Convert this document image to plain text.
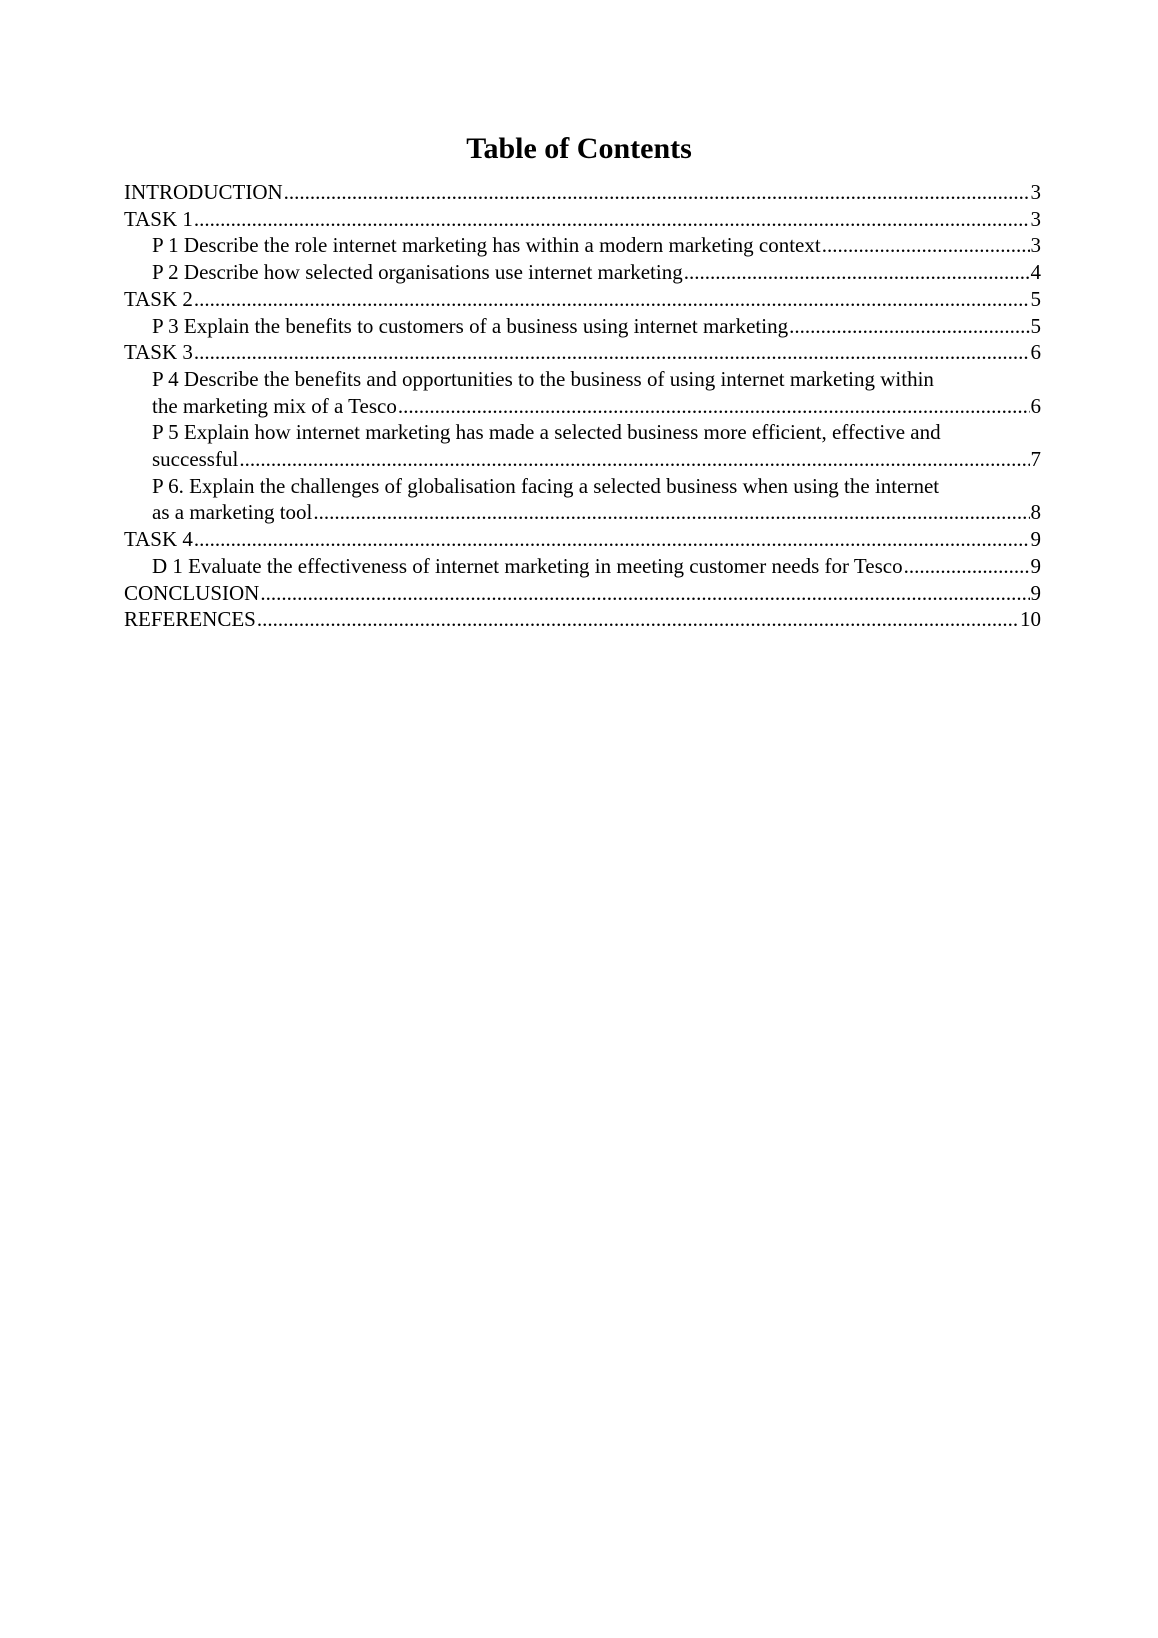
Table of Contents
INTRODUCTION .....	3
TASK 1 .....	3
P 1 Describe the role internet marketing has within a modern marketing context .....	3
P 2 Describe how selected organisations use internet marketing .....	4
TASK 2 .....	5
P 3 Explain the benefits to customers of a business using internet marketing .....	5
TASK 3 .....	6
P 4 Describe the benefits and opportunities to the business of using internet marketing within
the marketing mix of a Tesco .....	6
P 5 Explain how internet marketing has made a selected business more efficient, effective and
successful .....	7
P 6. Explain the challenges of globalisation facing a selected business when using the internet
as a marketing tool .....	8
TASK 4 .....	9
D 1 Evaluate the effectiveness of internet marketing in meeting customer needs for Tesco .....	9
CONCLUSION .....	9
REFERENCES .....	10
